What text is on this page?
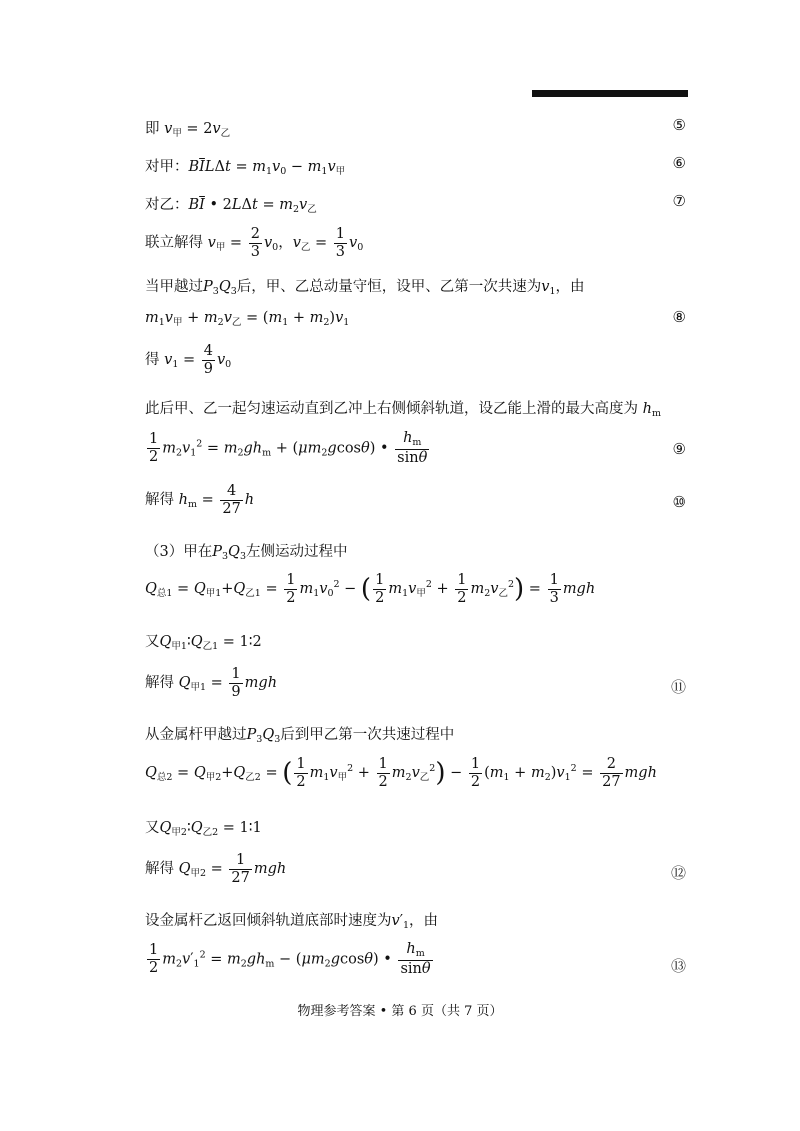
即 $v_甲 = 2v_乙$	⑤
对甲：$B\overline{I}L\Delta t = m_1v_0 - m_1v_甲$	⑥
对乙：$B\overline{I}$ • $2L\Delta t = m_2v_乙$	⑦
联立解得 $v_甲 = \frac{2}{3} v_0$，$v_乙 = \frac{1}{3} v_0$
当甲越过$P_3Q_3$后，甲、乙总动量守恒，设甲、乙第一次共速为$v_1$，由
$m_1v_甲 + m_2v_乙 = (m_1 + m_2)v_1$	⑧
得 $v_1 = \frac{4}{9} v_0$
此后甲、乙一起匀速运动直到乙冲上右侧倾斜轨道，设乙能上滑的最大高度为 $h_m$
$\frac{1}{2} m_2v_1^2 = m_2gh_m + (\mu m_2gcos\theta)$ • $\frac{h_m}{\sin\theta}$	⑨
解得 $h_m = \frac{4}{27}$ h	⑩
（3）甲在$P_3Q_3$左侧运动过程中
$Q_{总1} = Q_{甲1}+Q_{乙1} = \frac{1}{2} m_1v_0^2$ − ( $\frac{1}{2} m_1v_甲^2 + \frac{1}{2} m_2v_乙^2) = \frac{1}{3}$ mgh
又$Q_{甲1}∶Q_{乙1}$ = 1∶2
解得 $Q_{甲1} = \frac{1}{9}$ mgh	⑪
从金属杆甲越过$P_3Q_3$后到甲乙第一次共速过程中
$Q_{总2} = Q_{甲2}+Q_{乙2}$ = ( $\frac{1}{2} m_1v_甲^2 + \frac{1}{2} m_2v_乙^2) - \frac{1}{2} (m_1 + m_2)v_1^2 = \frac{2}{27}$ mgh
又$Q_{甲2}∶Q_{乙2}$ = 1∶1
解得 $Q_{甲2} = \frac{1}{27}$ mgh	⑫
设金属杆乙返回倾斜轨道底部时速度为$v'_1$，由
$\frac{1}{2} m_2v'_1^2 = m_2gh_m - (\mu m_2gcos\theta)$ • $\frac{h_m}{\sin\theta}$	⑬
物理参考答案 • 第 6 页（共 7 页）
